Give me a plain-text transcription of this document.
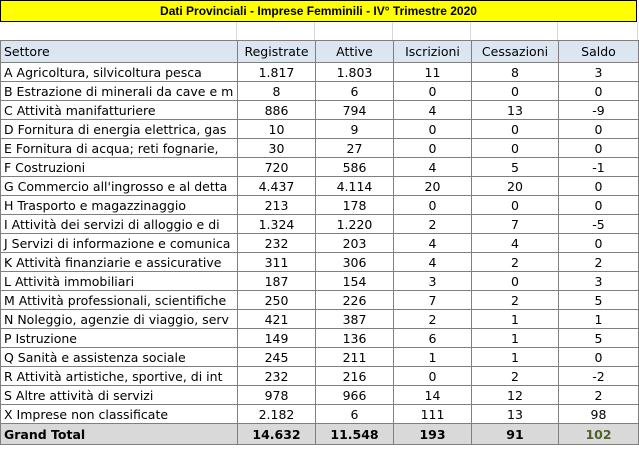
Dati Provinciali - Imprese Femminili - IV° Trimestre 2020
Settore	Registrate	Attive	Iscrizioni	Cessazioni	Saldo
A Agricoltura, silvicoltura pesca	1.817	1.803	11	8	3
B Estrazione di minerali da cave e m	8	6	0	0	0
C Attività manifatturiere	886	794	4	13	-9
D Fornitura di energia elettrica, gas	10	9	0	0	0
E Fornitura di acqua; reti fognarie,	30	27	0	0	0
F Costruzioni	720	586	4	5	-1
G Commercio all'ingrosso e al detta	4.437	4.114	20	20	0
H Trasporto e magazzinaggio	213	178	0	0	0
I Attività dei servizi di alloggio e di	1.324	1.220	2	7	-5
J Servizi di informazione e comunica	232	203	4	4	0
K Attività finanziarie e assicurative	311	306	4	2	2
L Attività immobiliari	187	154	3	0	3
M Attività professionali, scientifiche	250	226	7	2	5
N Noleggio, agenzie di viaggio, serv	421	387	2	1	1
P Istruzione	149	136	6	1	5
Q Sanità e assistenza sociale	245	211	1	1	0
R Attività artistiche, sportive, di int	232	216	0	2	-2
S Altre attività di servizi	978	966	14	12	2
X Imprese non classificate	2.182	6	111	13	98
Grand Total	14.632	11.548	193	91	102
